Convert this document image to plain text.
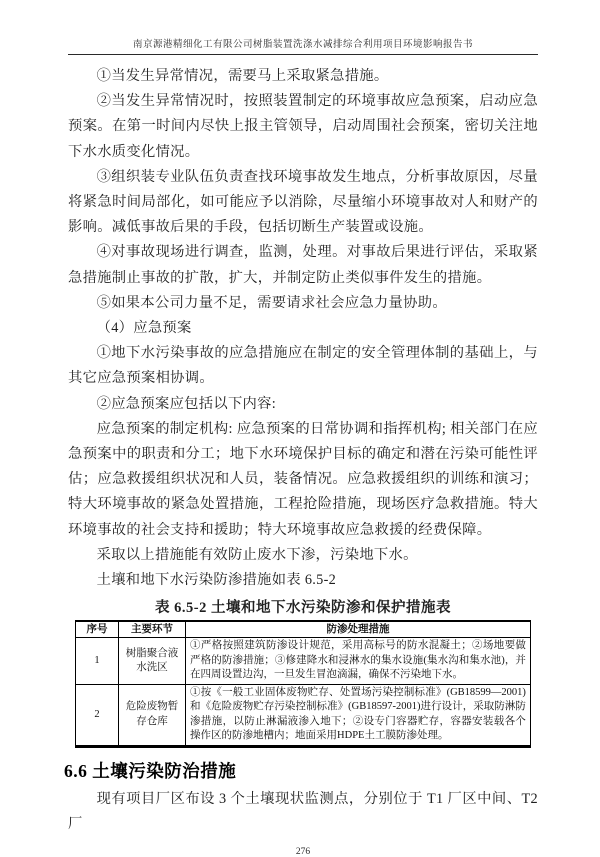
南京源港精细化工有限公司树脂装置洗涤水减排综合利用项目环境影响报告书

①当发生异常情况，需要马上采取紧急措施。

②当发生异常情况时，按照装置制定的环境事故应急预案，启动应急预案。在第一时间内尽快上报主管领导，启动周围社会预案，密切关注地下水水质变化情况。

③组织装专业队伍负责查找环境事故发生地点，分析事故原因，尽量将紧急时间局部化，如可能应予以消除，尽量缩小环境事故对人和财产的影响。减低事故后果的手段，包括切断生产装置或设施。

④对事故现场进行调查，监测，处理。对事故后果进行评估，采取紧急措施制止事故的扩散，扩大，并制定防止类似事件发生的措施。

⑤如果本公司力量不足，需要请求社会应急力量协助。

（4）应急预案

①地下水污染事故的应急措施应在制定的安全管理体制的基础上，与其它应急预案相协调。

②应急预案应包括以下内容:

应急预案的制定机构: 应急预案的日常协调和指挥机构; 相关部门在应急预案中的职责和分工；地下水环境保护目标的确定和潜在污染可能性评估；应急救援组织状况和人员，装备情况。应急救援组织的训练和演习；特大环境事故的紧急处置措施，工程抢险措施，现场医疗急救措施。特大环境事故的社会支持和援助；特大环境事故应急救援的经费保障。

采取以上措施能有效防止废水下渗，污染地下水。

土壤和地下水污染防渗措施如表 6.5-2

表 6.5-2 土壤和地下水污染防渗和保护措施表
序号	主要环节	防渗处理措施
1	树脂聚合液水洗区	①严格按照建筑防渗设计规范，采用高标号的防水混凝土；②场地要做严格的防渗措施；③修建降水和浸淋水的集水设施(集水沟和集水池)，并在四周设置边沟，一旦发生冒泡滴漏，确保不污染地下水。
2	危险废物暂存仓库	①按《一般工业固体废物贮存、处置场污染控制标准》(GB18599—2001)和《危险废物贮存污染控制标准》(GB18597-2001)进行设计，采取防淋防渗措施，以防止淋漏液渗入地下；②设专门容器贮存，容器安装载各个操作区的防渗地槽内；地面采用HDPE土工膜防渗处理。
6.6 土壤污染防治措施

现有项目厂区布设 3 个土壤现状监测点，分别位于 T1 厂区中间、T2 厂

276
